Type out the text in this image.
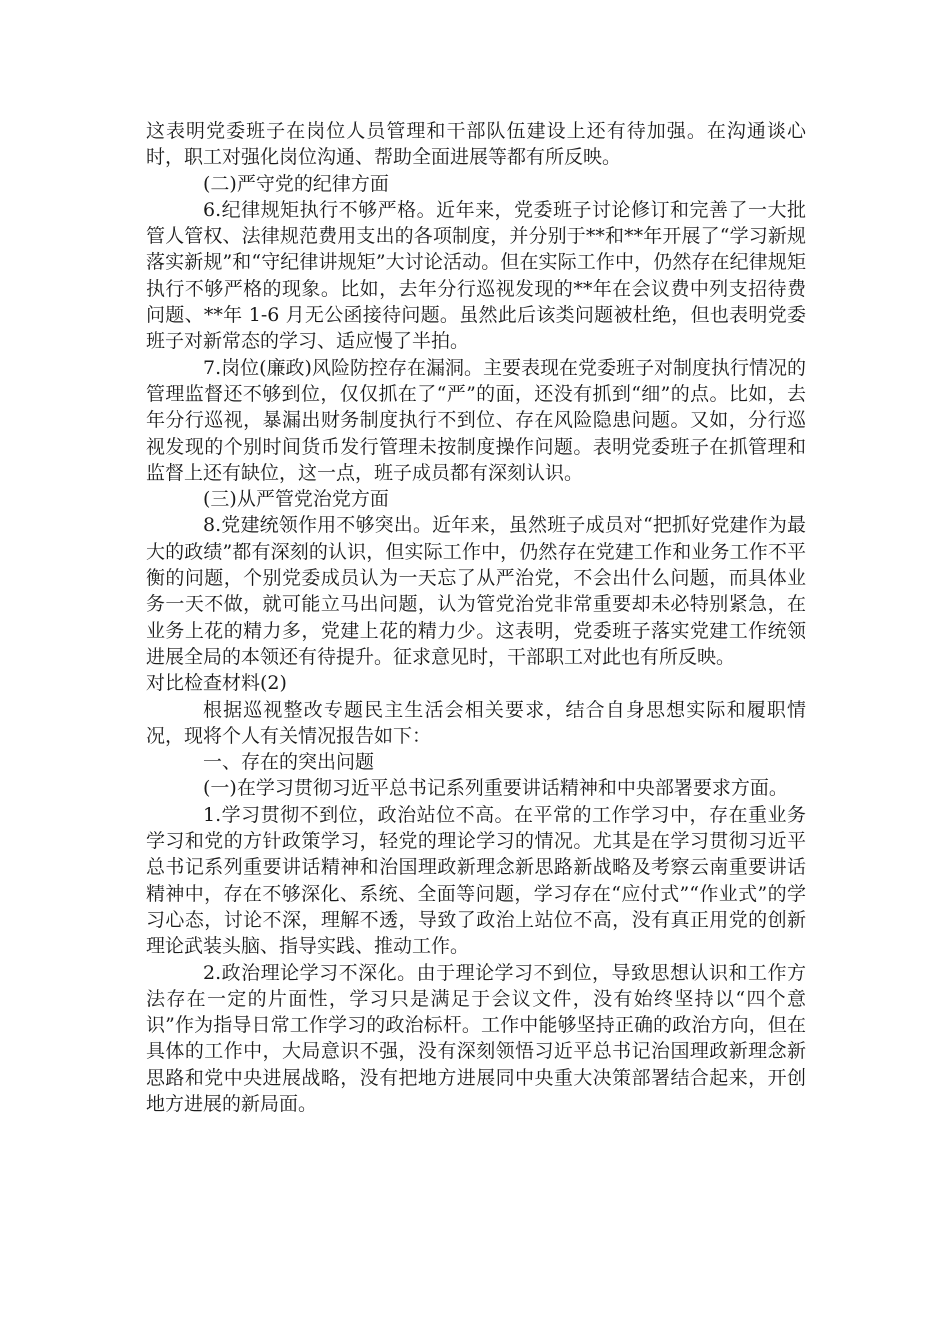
这表明党委班子在岗位人员管理和干部队伍建设上还有待加强。在沟通谈心时，职工对强化岗位沟通、帮助全面进展等都有所反映。

(二)严守党的纪律方面

6.纪律规矩执行不够严格。近年来，党委班子讨论修订和完善了一大批管人管权、法律规范费用支出的各项制度，并分别于**和**年开展了“学习新规落实新规”和“守纪律讲规矩”大讨论活动。但在实际工作中，仍然存在纪律规矩执行不够严格的现象。比如，去年分行巡视发现的**年在会议费中列支招待费问题、**年 1-6 月无公函接待问题。虽然此后该类问题被杜绝，但也表明党委班子对新常态的学习、适应慢了半拍。

7.岗位(廉政)风险防控存在漏洞。主要表现在党委班子对制度执行情况的管理监督还不够到位，仅仅抓在了“严”的面，还没有抓到“细”的点。比如，去年分行巡视，暴漏出财务制度执行不到位、存在风险隐患问题。又如，分行巡视发现的个别时间货币发行管理未按制度操作问题。表明党委班子在抓管理和监督上还有缺位，这一点，班子成员都有深刻认识。

(三)从严管党治党方面

8.党建统领作用不够突出。近年来，虽然班子成员对“把抓好党建作为最大的政绩”都有深刻的认识，但实际工作中，仍然存在党建工作和业务工作不平衡的问题，个别党委成员认为一天忘了从严治党，不会出什么问题，而具体业务一天不做，就可能立马出问题，认为管党治党非常重要却未必特别紧急，在业务上花的精力多，党建上花的精力少。这表明，党委班子落实党建工作统领进展全局的本领还有待提升。征求意见时，干部职工对此也有所反映。

对比检查材料(2)

根据巡视整改专题民主生活会相关要求，结合自身思想实际和履职情况，现将个人有关情况报告如下：

一、存在的突出问题

(一)在学习贯彻习近平总书记系列重要讲话精神和中央部署要求方面。

1.学习贯彻不到位，政治站位不高。在平常的工作学习中，存在重业务学习和党的方针政策学习，轻党的理论学习的情况。尤其是在学习贯彻习近平总书记系列重要讲话精神和治国理政新理念新思路新战略及考察云南重要讲话精神中，存在不够深化、系统、全面等问题，学习存在“应付式”“作业式”的学习心态，讨论不深，理解不透，导致了政治上站位不高，没有真正用党的创新理论武装头脑、指导实践、推动工作。

2.政治理论学习不深化。由于理论学习不到位，导致思想认识和工作方法存在一定的片面性，学习只是满足于会议文件，没有始终坚持以“四个意识”作为指导日常工作学习的政治标杆。工作中能够坚持正确的政治方向，但在具体的工作中，大局意识不强，没有深刻领悟习近平总书记治国理政新理念新思路和党中央进展战略，没有把地方进展同中央重大决策部署结合起来，开创地方进展的新局面。
